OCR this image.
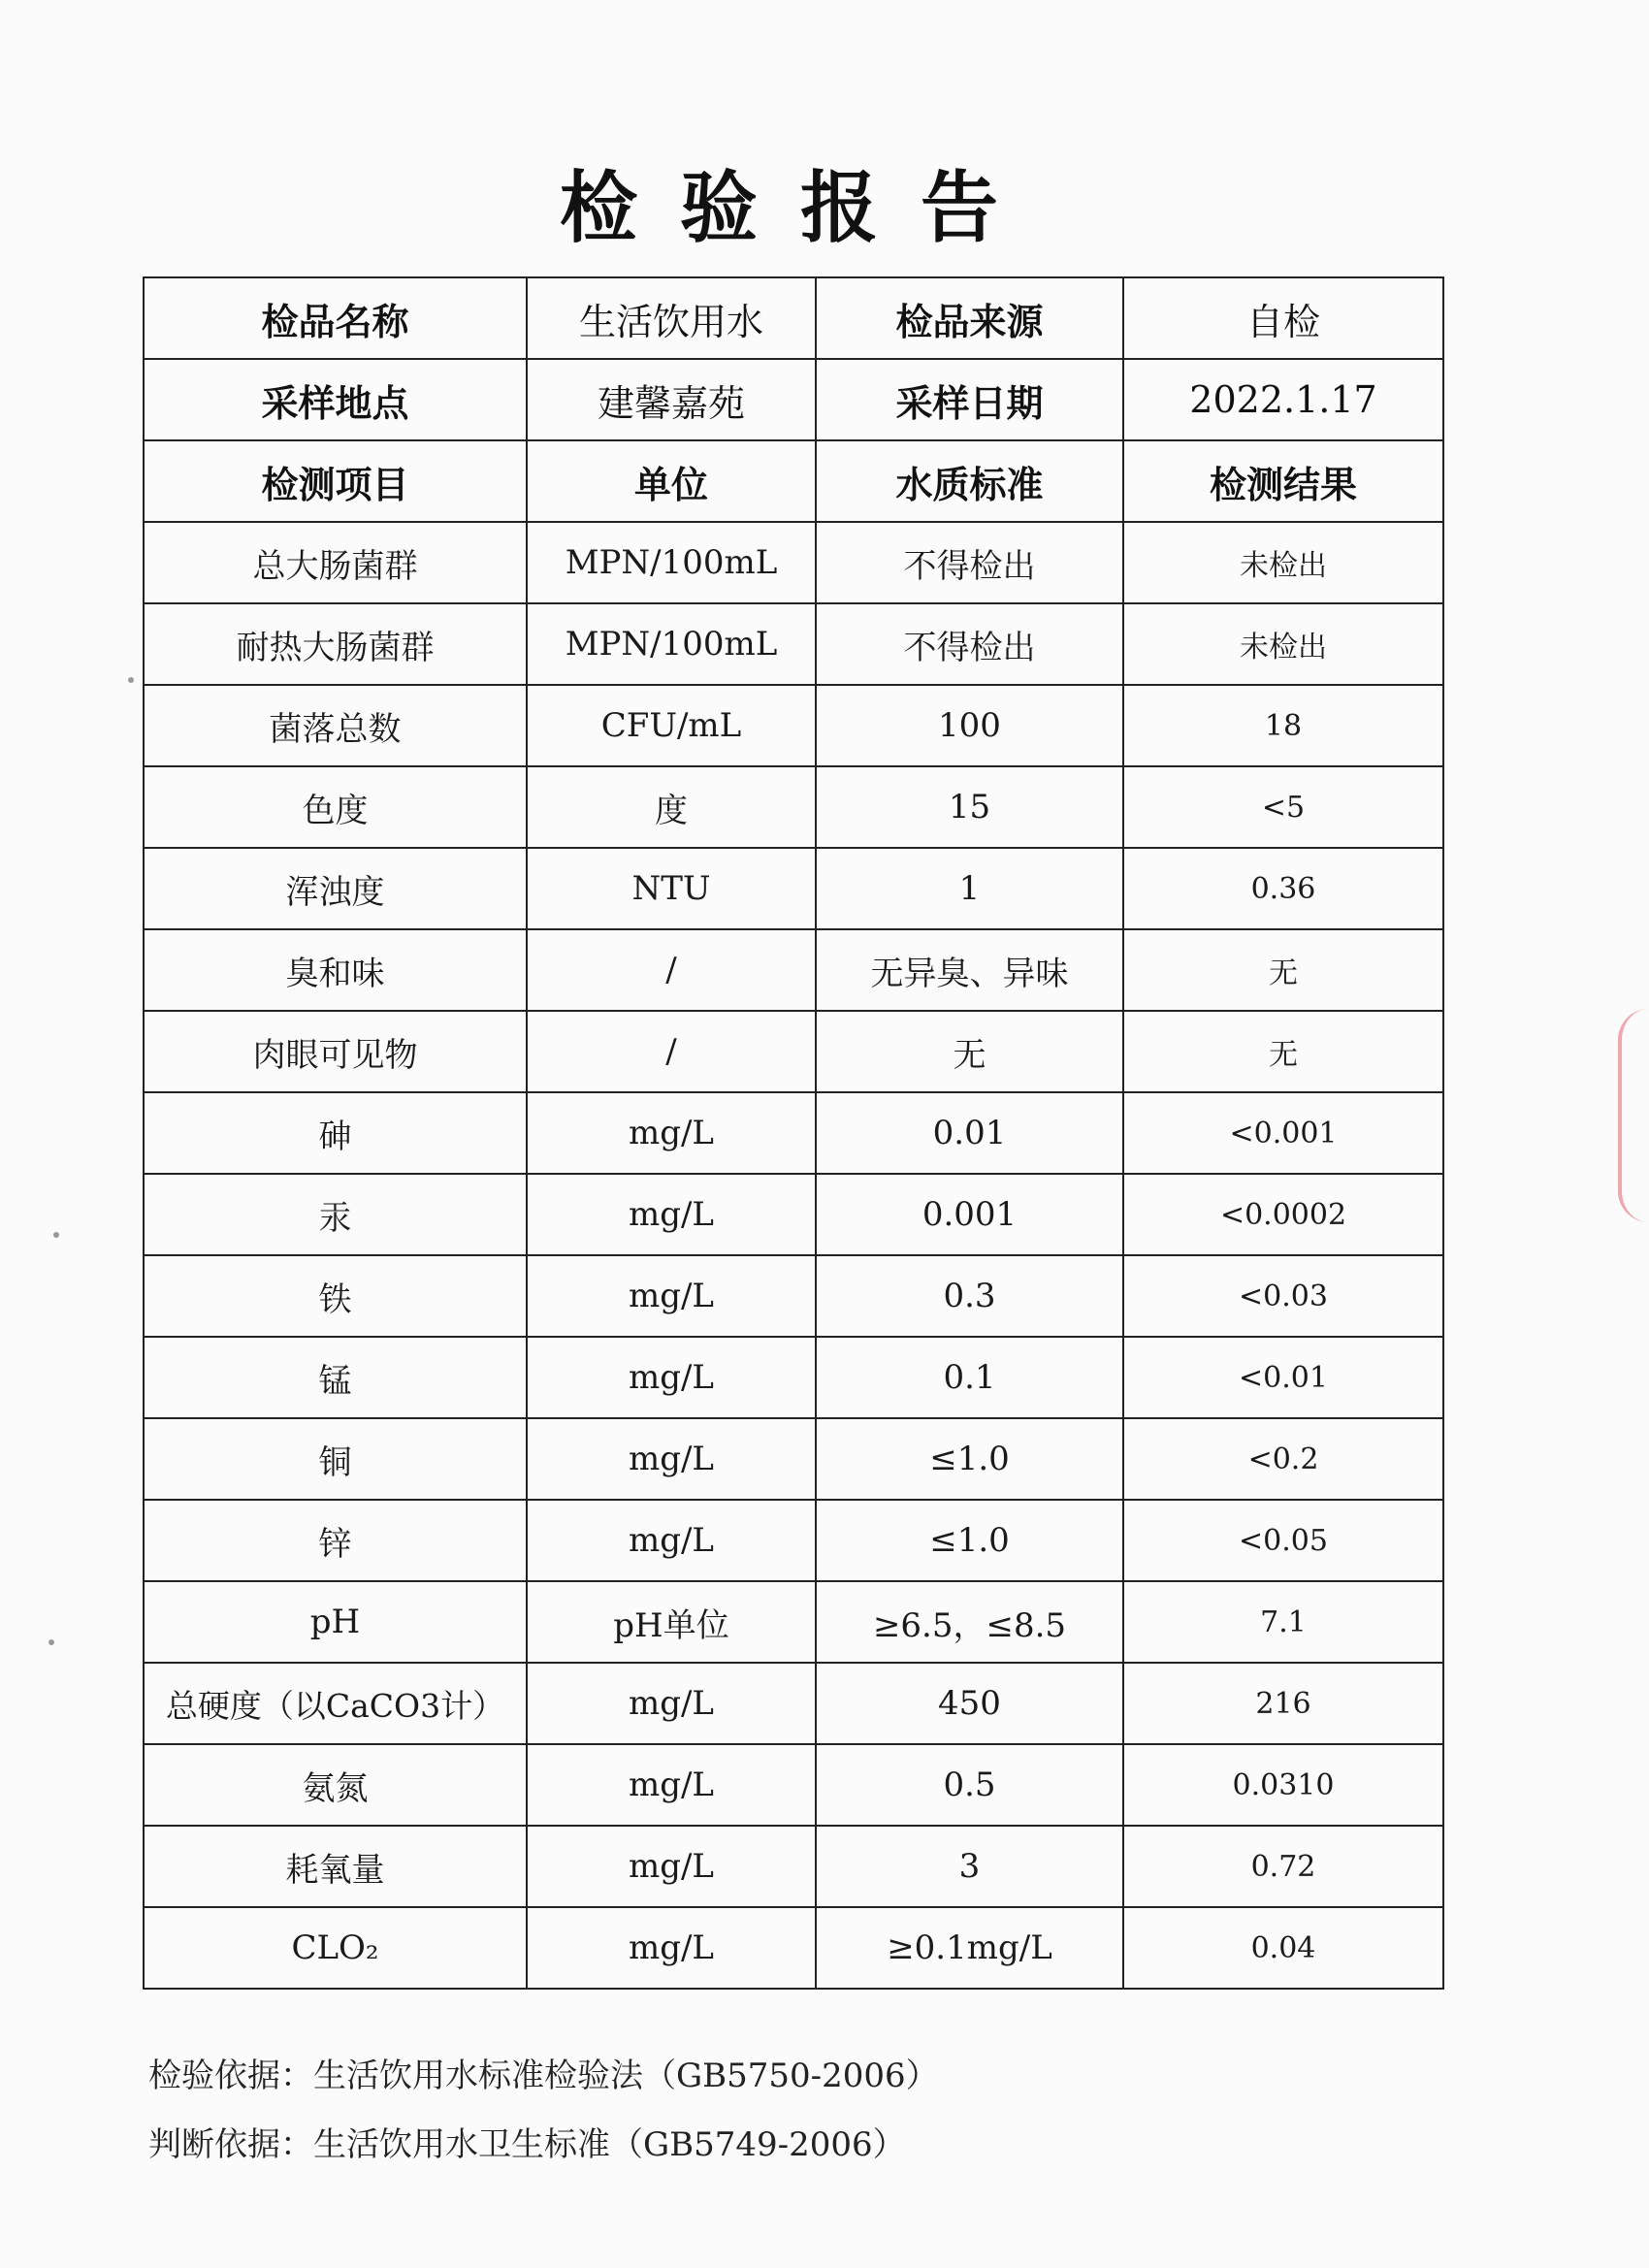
检验报告
检品名称	生活饮用水	检品来源	自检
采样地点	建馨嘉苑	采样日期	2022.1.17
检测项目	单位	水质标准	检测结果
总大肠菌群	MPN/100mL	不得检出	未检出
耐热大肠菌群	MPN/100mL	不得检出	未检出
菌落总数	CFU/mL	100	18
色度	度	15	<5
浑浊度	NTU	1	0.36
臭和味	/	无异臭、异味	无
肉眼可见物	/	无	无
砷	mg/L	0.01	<0.001
汞	mg/L	0.001	<0.0002
铁	mg/L	0.3	<0.03
锰	mg/L	0.1	<0.01
铜	mg/L	≤1.0	<0.2
锌	mg/L	≤1.0	<0.05
pH	pH单位	≥6.5，≤8.5	7.1
总硬度（以CaCO3计）	mg/L	450	216
氨氮	mg/L	0.5	0.0310
耗氧量	mg/L	3	0.72
CLO₂	mg/L	≥0.1mg/L	0.04
检验依据：生活饮用水标准检验法（GB5750-2006）
判断依据：生活饮用水卫生标准（GB5749-2006）
